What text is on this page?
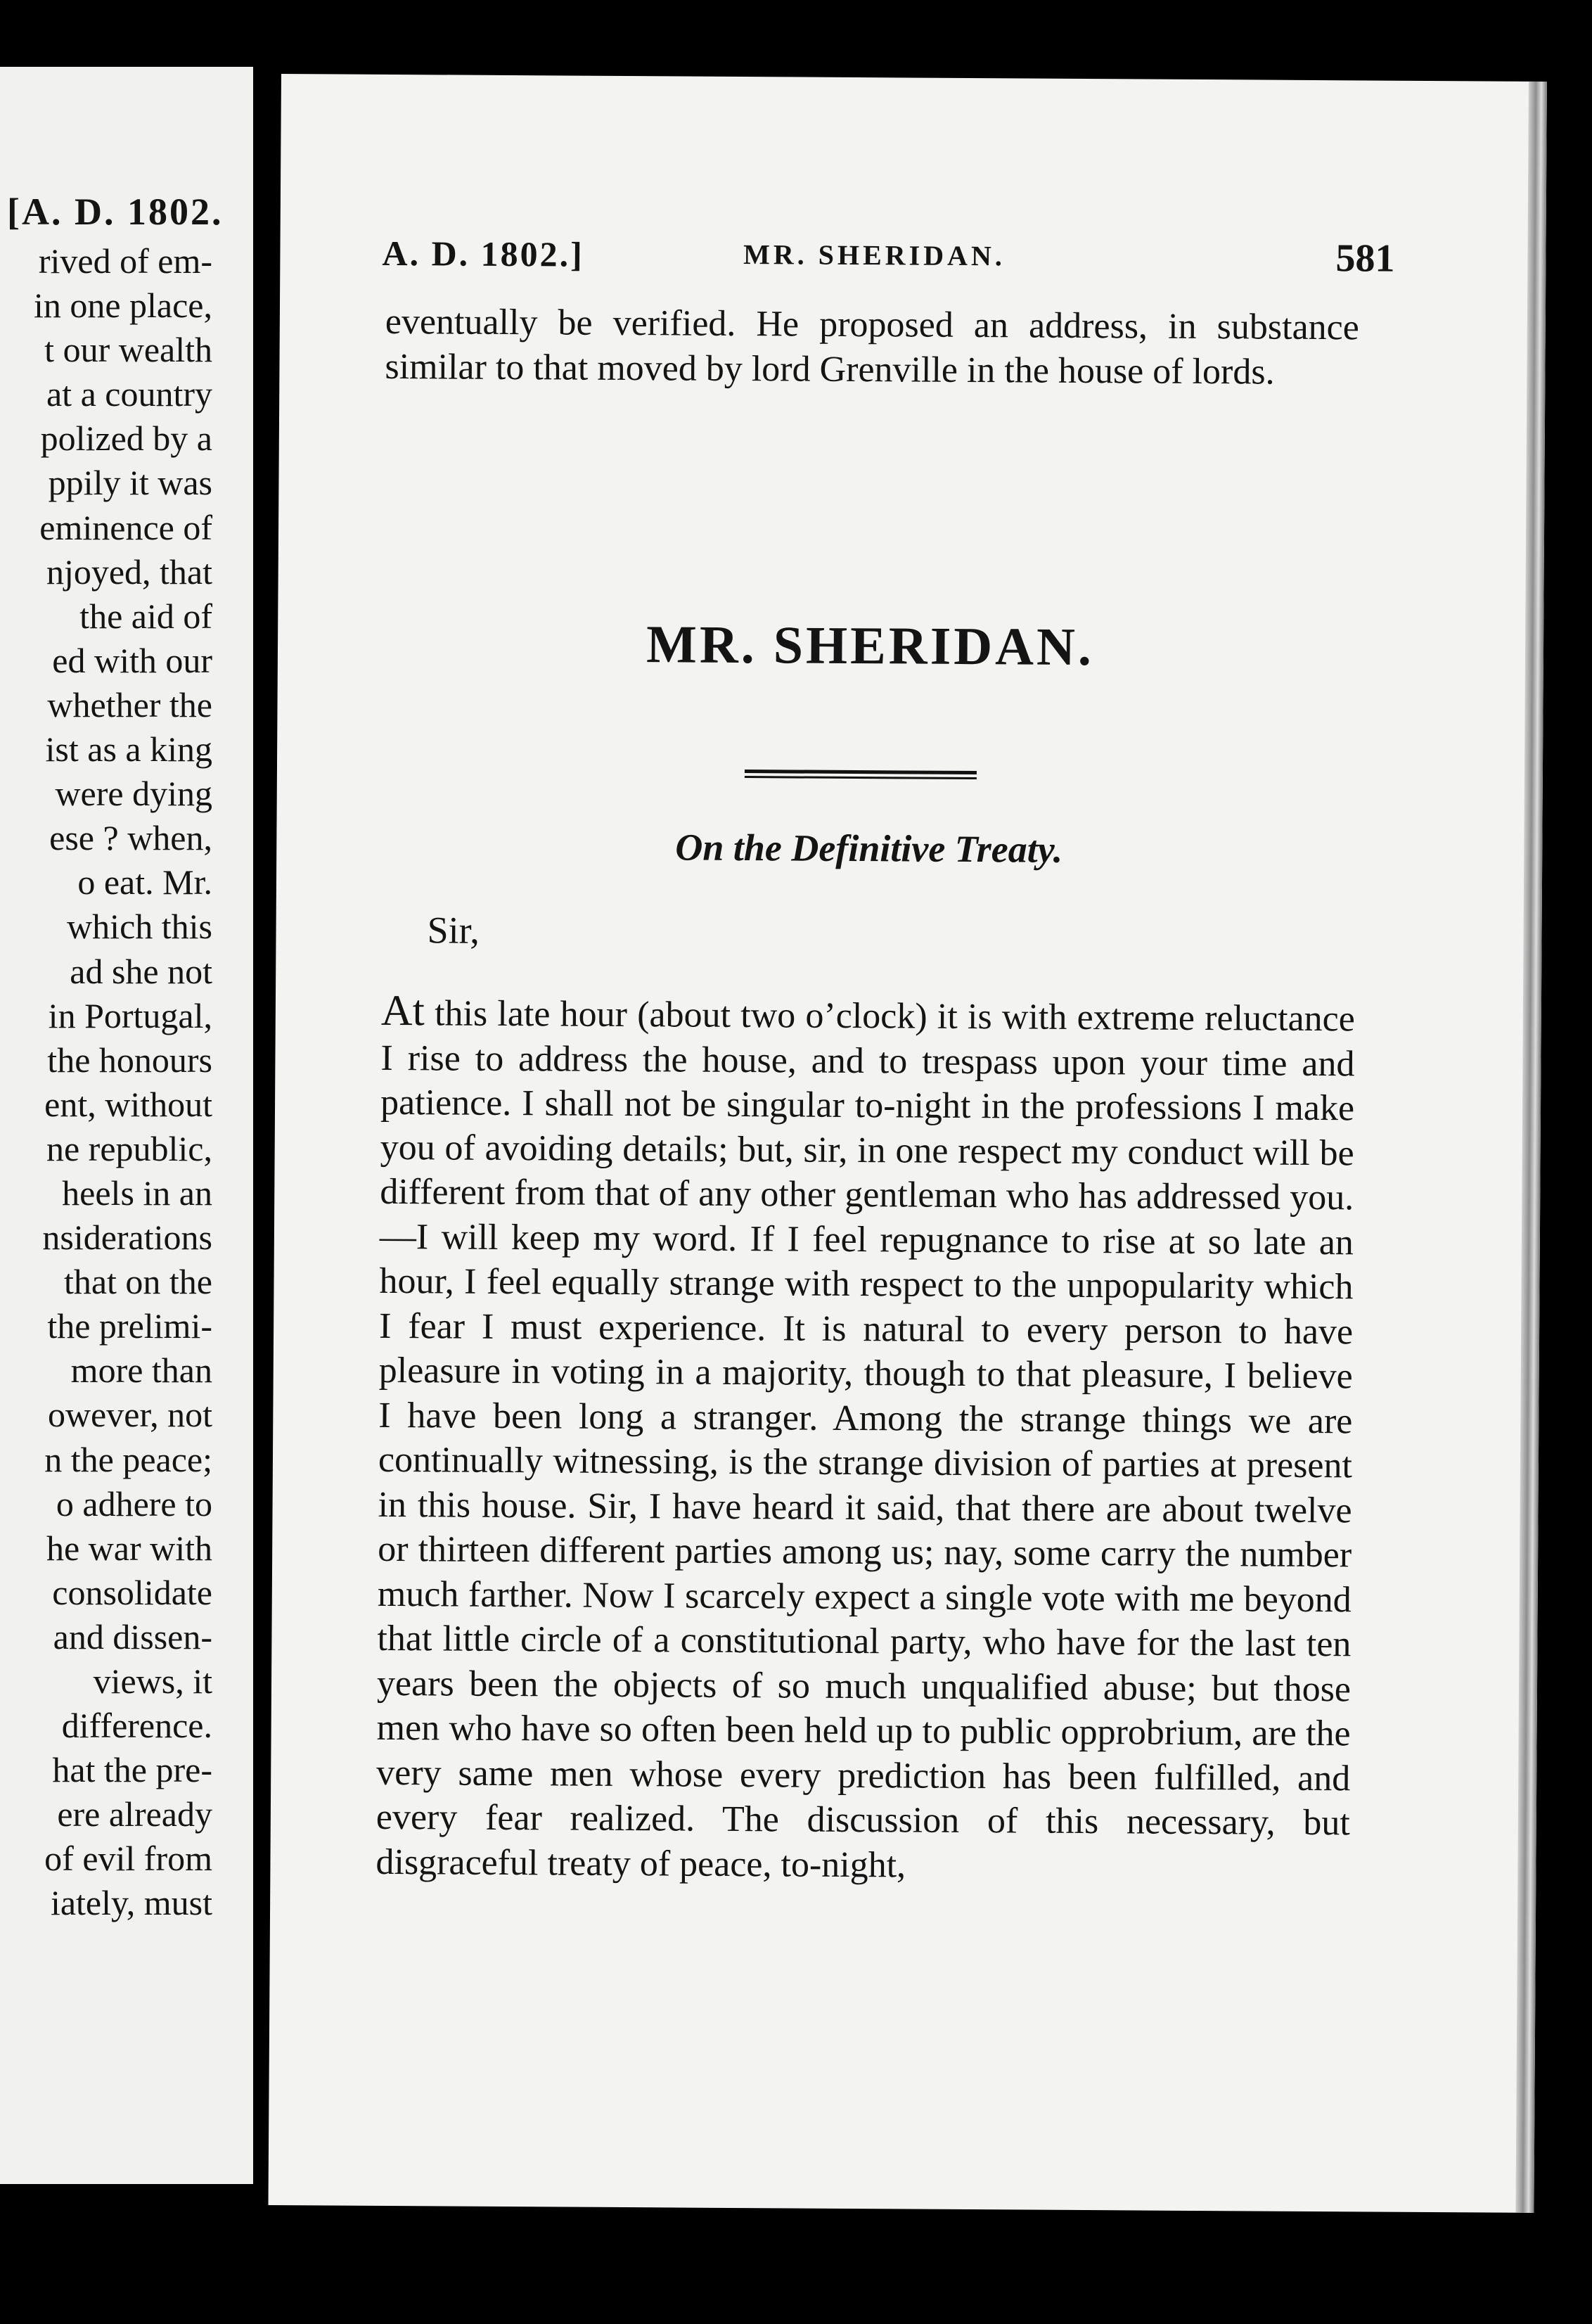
[A. D. 1802.
rived of em-
in one place,
t our wealth
at a country
polized by a
ppily it was
eminence of
njoyed, that
the aid of
ed with our
whether the
ist as a king
were dying
ese ? when,
o eat. Mr.
which this
ad she not
in Portugal,
the honours
ent, without
ne republic,
heels in an
nsiderations
that on the
the prelimi-
more than
owever, not
n the peace;
o adhere to
he war with
consolidate
and dissen-
views, it
difference.
hat the pre-
ere already
of evil from
iately, must
A. D. 1802.]	MR. SHERIDAN.	581

eventually be verified. He proposed an address, in substance similar to that moved by lord Grenville in the house of lords.

MR. SHERIDAN.
On the Definitive Treaty.
Sir,

At this late hour (about two o’clock) it is with extreme reluctance I rise to address the house, and to trespass upon your time and patience. I shall not be singular to-night in the professions I make you of avoiding details; but, sir, in one respect my conduct will be different from that of any other gentleman who has addressed you.—I will keep my word. If I feel repugnance to rise at so late an hour, I feel equally strange with respect to the unpopularity which I fear I must experience. It is natural to every person to have pleasure in voting in a majority, though to that pleasure, I believe I have been long a stranger. Among the strange things we are continually witnessing, is the strange division of parties at present in this house. Sir, I have heard it said, that there are about twelve or thirteen different parties among us; nay, some carry the number much farther. Now I scarcely expect a single vote with me beyond that little circle of a constitutional party, who have for the last ten years been the objects of so much unqualified abuse; but those men who have so often been held up to public opprobrium, are the very same men whose every prediction has been fulfilled, and every fear realized. The discussion of this necessary, but disgraceful treaty of peace, to-night,
